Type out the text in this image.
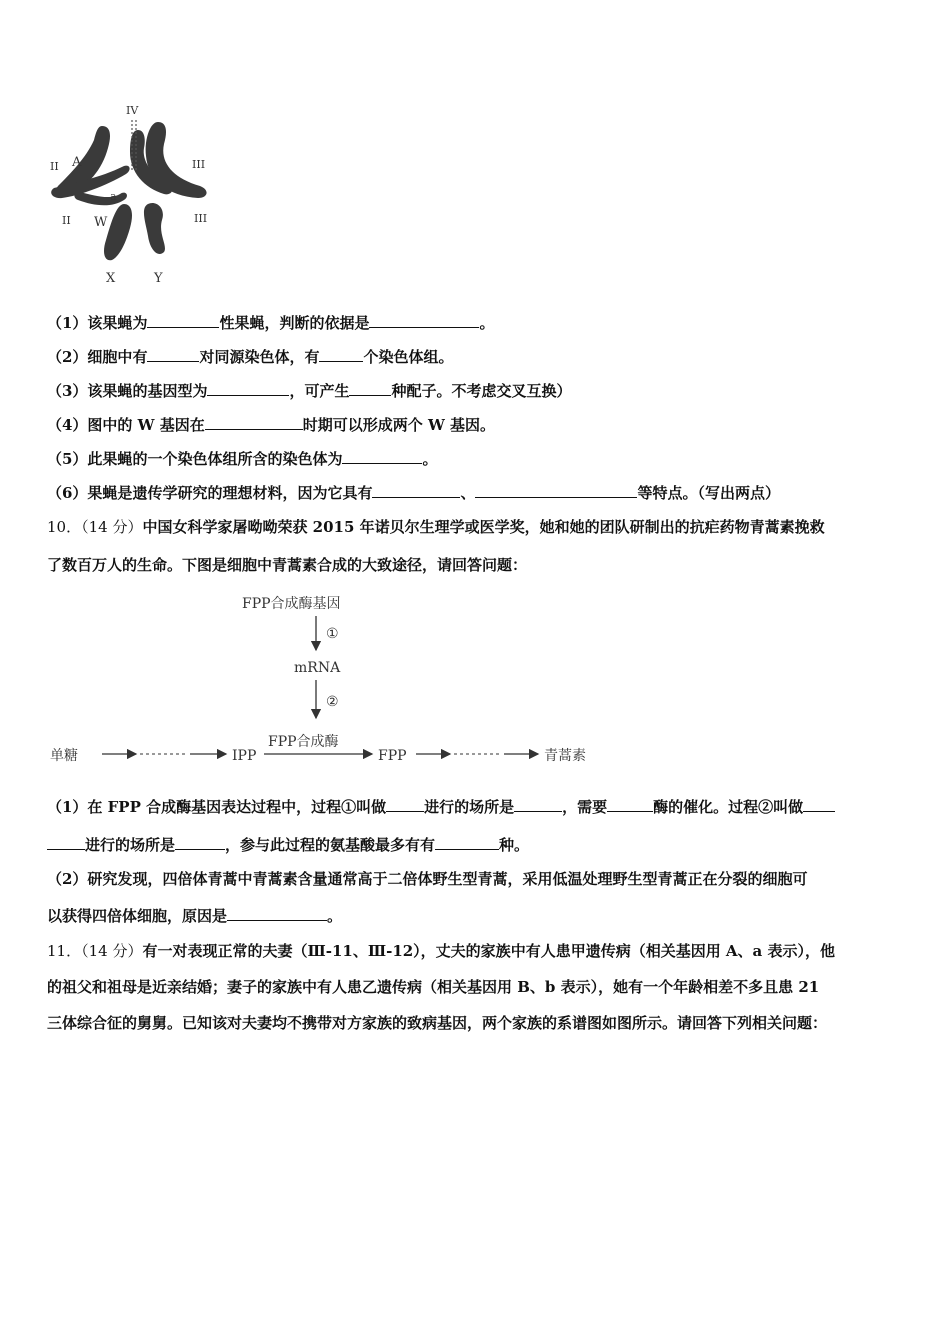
IV
II A	III
a
II W	III
X	Y
（1）该果蝇为	性果蝇，判断的依据是	。
（2）细胞中有	对同源染色体，有	个染色体组。
（3）该果蝇的基因型为	，可产生	种配子。不考虑交叉互换）
（4）图中的 W 基因在	时期可以形成两个 W 基因。
（5）此果蝇的一个染色体组所含的染色体为	。
（6）果蝇是遗传学研究的理想材料，因为它具有	、	等特点。（写出两点）
10．（14 分）中国女科学家屠呦呦荣获 2015 年诺贝尔生理学或医学奖，她和她的团队研制出的抗疟药物青蒿素挽救
了数百万人的生命。下图是细胞中青蒿素合成的大致途径，请回答问题：
FPP合成酶基因
①
mRNA
②
FPP合成酶
单糖	IPP	FPP	青蒿素
（1）在 FPP 合成酶基因表达过程中，过程①叫做	进行的场所是	，需要	酶的催化。过程②叫做
进行的场所是	，参与此过程的氨基酸最多有有	种。
（2）研究发现，四倍体青蒿中青蒿素含量通常高于二倍体野生型青蒿，采用低温处理野生型青蒿正在分裂的细胞可
以获得四倍体细胞，原因是	。
11．（14 分）有一对表现正常的夫妻（Ⅲ-11、Ⅲ-12），丈夫的家族中有人患甲遗传病（相关基因用 A、a 表示），他
的祖父和祖母是近亲结婚；妻子的家族中有人患乙遗传病（相关基因用 B、b 表示），她有一个年龄相差不多且患 21
三体综合征的舅舅。已知该对夫妻均不携带对方家族的致病基因，两个家族的系谱图如图所示。请回答下列相关问题：
